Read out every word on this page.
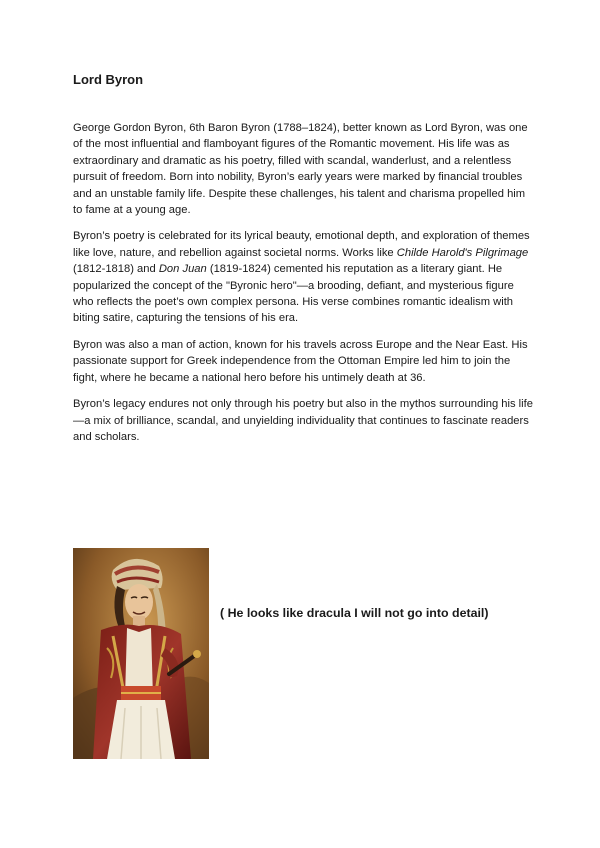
Lord Byron

George Gordon Byron, 6th Baron Byron (1788–1824), better known as Lord Byron, was one of the most influential and flamboyant figures of the Romantic movement. His life was as extraordinary and dramatic as his poetry, filled with scandal, wanderlust, and a relentless pursuit of freedom. Born into nobility, Byron’s early years were marked by financial troubles and an unstable family life. Despite these challenges, his talent and charisma propelled him to fame at a young age.

Byron’s poetry is celebrated for its lyrical beauty, emotional depth, and exploration of themes like love, nature, and rebellion against societal norms. Works like Childe Harold's Pilgrimage (1812-1818) and Don Juan (1819-1824) cemented his reputation as a literary giant. He popularized the concept of the "Byronic hero"—a brooding, defiant, and mysterious figure who reflects the poet’s own complex persona. His verse combines romantic idealism with biting satire, capturing the tensions of his era.

Byron was also a man of action, known for his travels across Europe and the Near East. His passionate support for Greek independence from the Ottoman Empire led him to join the fight, where he became a national hero before his untimely death at 36.

Byron’s legacy endures not only through his poetry but also in the mythos surrounding his life—a mix of brilliance, scandal, and unyielding individuality that continues to fascinate readers and scholars.

( He looks like dracula I will not go into detail)
